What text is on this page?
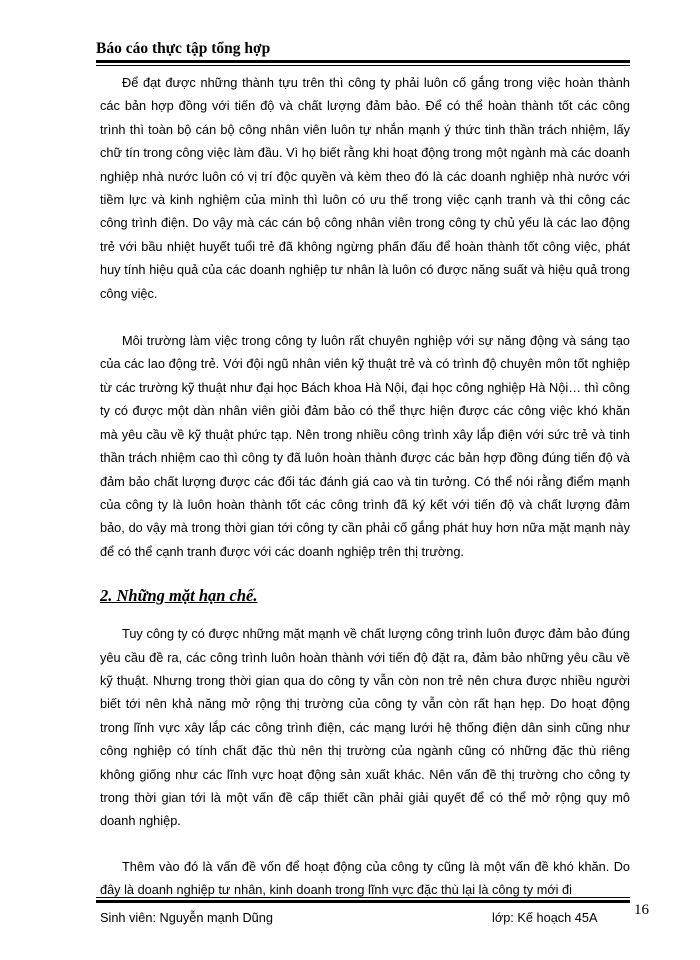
Báo cáo thực tập tổng hợp

Để đạt được những thành tựu trên thì công ty phải luôn cố gắng trong việc hoàn thành các bản hợp đồng với tiến độ và chất lượng đảm bảo. Để có thể hoàn thành tốt các công trình thì toàn bộ cán bộ công nhân viên luôn tự nhắn mạnh ý thức tinh thần trách nhiệm, lấy chữ tín trong công việc làm đầu. Vì họ biết rằng khi hoạt động trong một ngành mà các doanh nghiệp nhà nước luôn có vị trí độc quyền và kèm theo đó là các doanh nghiệp nhà nước với tiềm lực và kinh nghiệm của mình thì luôn có ưu thế trong việc cạnh tranh và thi công các công trình điện. Do vậy mà các cán bộ công nhân viên trong công ty chủ yếu là các lao động trẻ với bầu nhiệt huyết tuổi trẻ đã không ngừng phấn đấu để hoàn thành tốt công việc, phát huy tính hiệu quả của các doanh nghiệp tư nhân là luôn có được năng suất và hiệu quả trong công việc.

Môi trường làm việc trong công ty luôn rất chuyên nghiệp với sự năng động và sáng tạo của các lao động trẻ. Với đội ngũ nhân viên kỹ thuật trẻ và có trình độ chuyên môn tốt nghiệp từ các trường kỹ thuật như đại học Bách khoa Hà Nội, đại học công nghiệp Hà Nội… thì công ty có được một dàn nhân viên giỏi đảm bảo có thể thực hiện được các công việc khó khăn mà yêu cầu về kỹ thuật phức tạp. Nên trong nhiều công trình xây lắp điện với sức trẻ và tinh thần trách nhiệm cao thì công ty đã luôn hoàn thành được các bản hợp đồng đúng tiến độ và đảm bảo chất lượng được các đối tác đánh giá cao và tin tưởng. Có thể nói rằng điểm mạnh của công ty là luôn hoàn thành tốt các công trình đã ký kết với tiến độ và chất lượng đảm bảo, do vậy mà trong thời gian tới công ty cần phải cố gắng phát huy hơn nữa mặt mạnh này để có thể cạnh tranh được với các doanh nghiệp trên thị trường.

2. Những mặt hạn chế.

Tuy công ty có được những mặt mạnh về chất lượng công trình luôn được đảm bảo đúng yêu cầu đề ra, các công trình luôn hoàn thành với tiến độ đặt ra, đảm bảo những yêu cầu về kỹ thuật. Nhưng trong thời gian qua do công ty vẫn còn non trẻ nên chưa được nhiều người biết tới nên khả năng mở rộng thị trường của công ty vẫn còn rất hạn hẹp. Do hoạt động trong lĩnh vực xây lắp các công trình điện, các mạng lưới hệ thống điện dân sinh cũng như công nghiệp có tính chất đặc thù nên thị trường của ngành cũng có những đặc thù riêng không giống như các lĩnh vực hoạt động sản xuất khác. Nên vấn đề thị trường cho công ty trong thời gian tới là một vấn đề cấp thiết cần phải giải quyết để có thể mở rộng quy mô doanh nghiệp.

Thêm vào đó là vấn đề vốn để hoạt động của công ty cũng là một vấn đề khó khăn. Do đây là doanh nghiệp tư nhân, kinh doanh trong lĩnh vực đặc thù lại là công ty mới đi

Sinh viên: Nguyễn mạnh Dũng	lớp: Kế hoạch 45A 16
